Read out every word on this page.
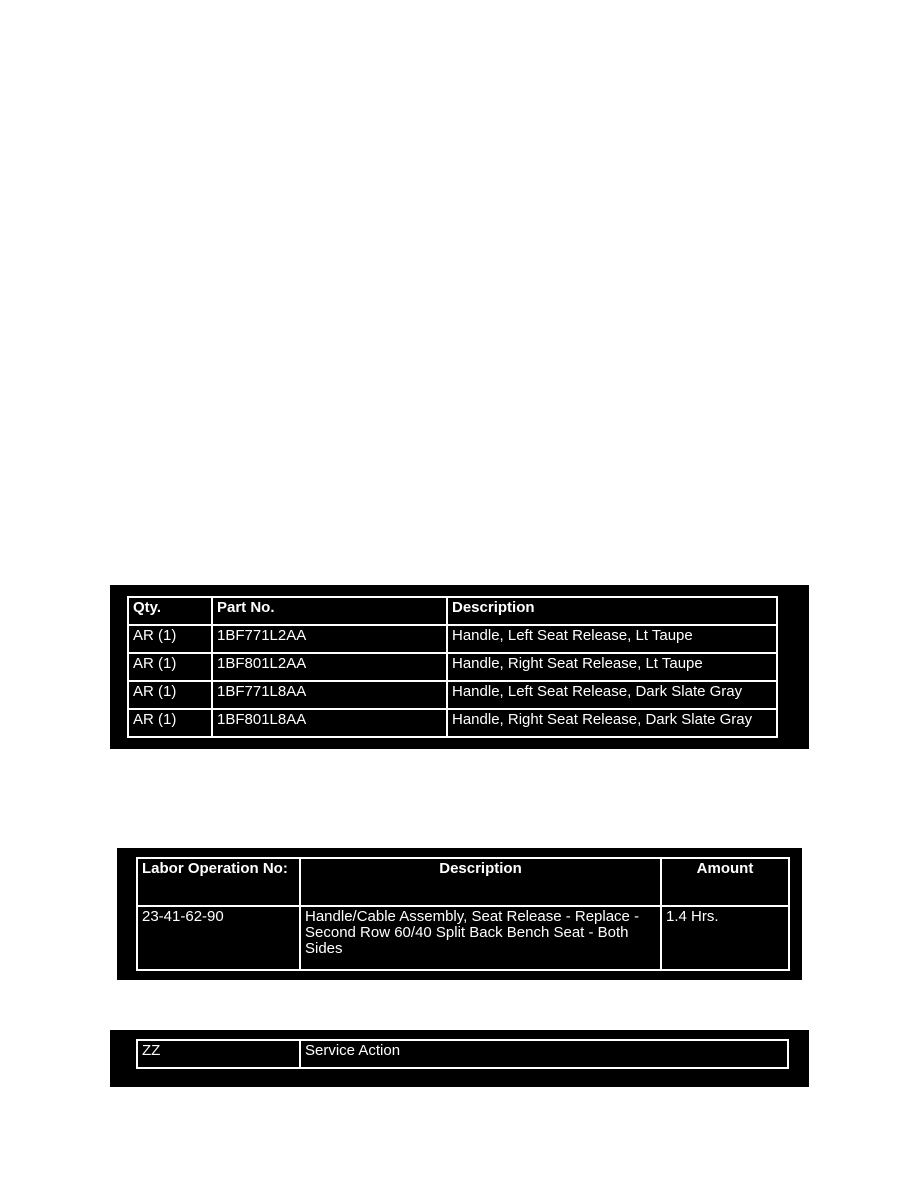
Qty.	Part No.	Description
AR (1)	1BF771L2AA	Handle, Left Seat Release, Lt Taupe
AR (1)	1BF801L2AA	Handle, Right Seat Release, Lt Taupe
AR (1)	1BF771L8AA	Handle, Left Seat Release, Dark Slate Gray
AR (1)	1BF801L8AA	Handle, Right Seat Release, Dark Slate Gray
Labor Operation No:	Description	Amount
23-41-62-90	Handle/Cable Assembly, Seat Release - Replace - Second Row 60/40 Split Back Bench Seat - Both Sides	1.4 Hrs.
ZZ	Service Action
